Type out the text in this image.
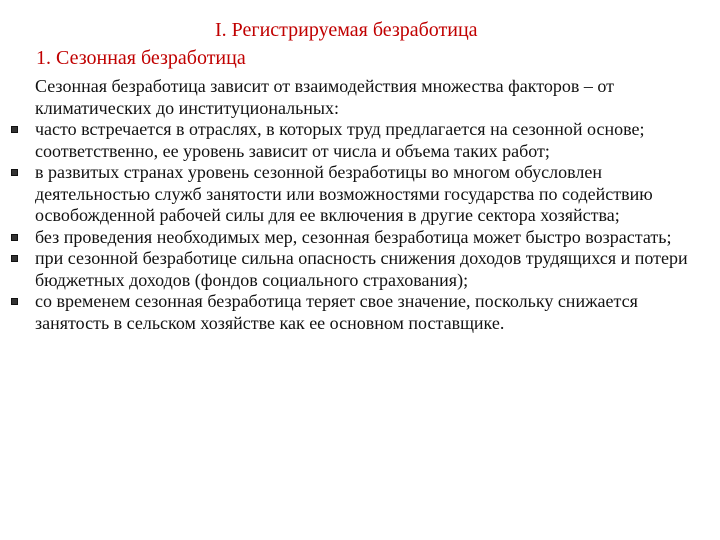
I. Регистрируемая безработица
1. Сезонная безработица
Сезонная безработица зависит от взаимодействия множества факторов – от климатических до институциональных:
часто встречается в отраслях, в которых труд предлагается на сезонной основе; соответственно, ее уровень зависит от числа и объема таких работ;
в развитых странах уровень сезонной безработицы во многом обусловлен деятельностью служб занятости или возможностями государства по содействию освобожденной рабочей силы для ее включения в другие сектора хозяйства;
без проведения необходимых мер, сезонная безработица может быстро возрастать;
при сезонной безработице сильна опасность снижения доходов трудящихся и потери бюджетных доходов (фондов социального страхования);
со временем сезонная безработица теряет свое значение, поскольку снижается занятость в сельском хозяйстве как ее основном поставщике.
